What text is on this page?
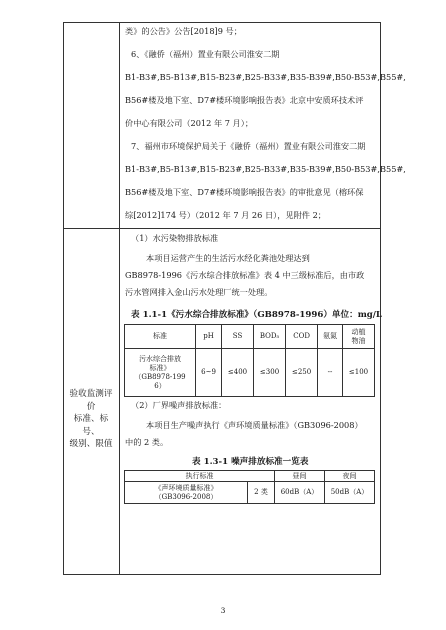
类》的公告》公告[2018]9 号；
6、《融侨（福州）置业有限公司淮安二期
B1-B3#,B5-B13#,B15-B23#,B25-B33#,B35-B39#,B50-B53#,B55#,
B56#楼及地下室、D7#楼环境影响报告表》北京中安质环技术评
价中心有限公司（2012 年 7 月）；
7、福州市环境保护局关于《融侨（福州）置业有限公司淮安二期
B1-B3#,B5-B13#,B15-B23#,B25-B33#,B35-B39#,B50-B53#,B55#,
B56#楼及地下室、D7#楼环境影响报告表》的审批意见（榕环保
综[2012]174 号）（2012 年 7 月 26 日），见附件 2；
验收监测评价
标准、标号、
级别、限值
（1）水污染物排放标准
本项目运营产生的生活污水经化粪池处理达到
GB8978-1996《污水综合排放标准》表 4 中三级标准后，由市政
污水管网排入金山污水处理厂统一处理。
表 1.1-1《污水综合排放标准》（GB8978-1996）单位：mg/L
标准	pH	SS	BOD₅	COD	氨氮	动植
物油
污水综合排放
标准》
（GB8978-199
6）	6~9	≤400	≤300	≤250	--	≤100
（2）厂界噪声排放标准：
本项目生产噪声执行《声环境质量标准》（GB3096-2008）
中的 2 类。
表 1.3-1 噪声排放标准一览表
执行标准		昼间	夜间
《声环境质量标准》
（GB3096-2008）	2 类	60dB（A）	50dB（A）
3
